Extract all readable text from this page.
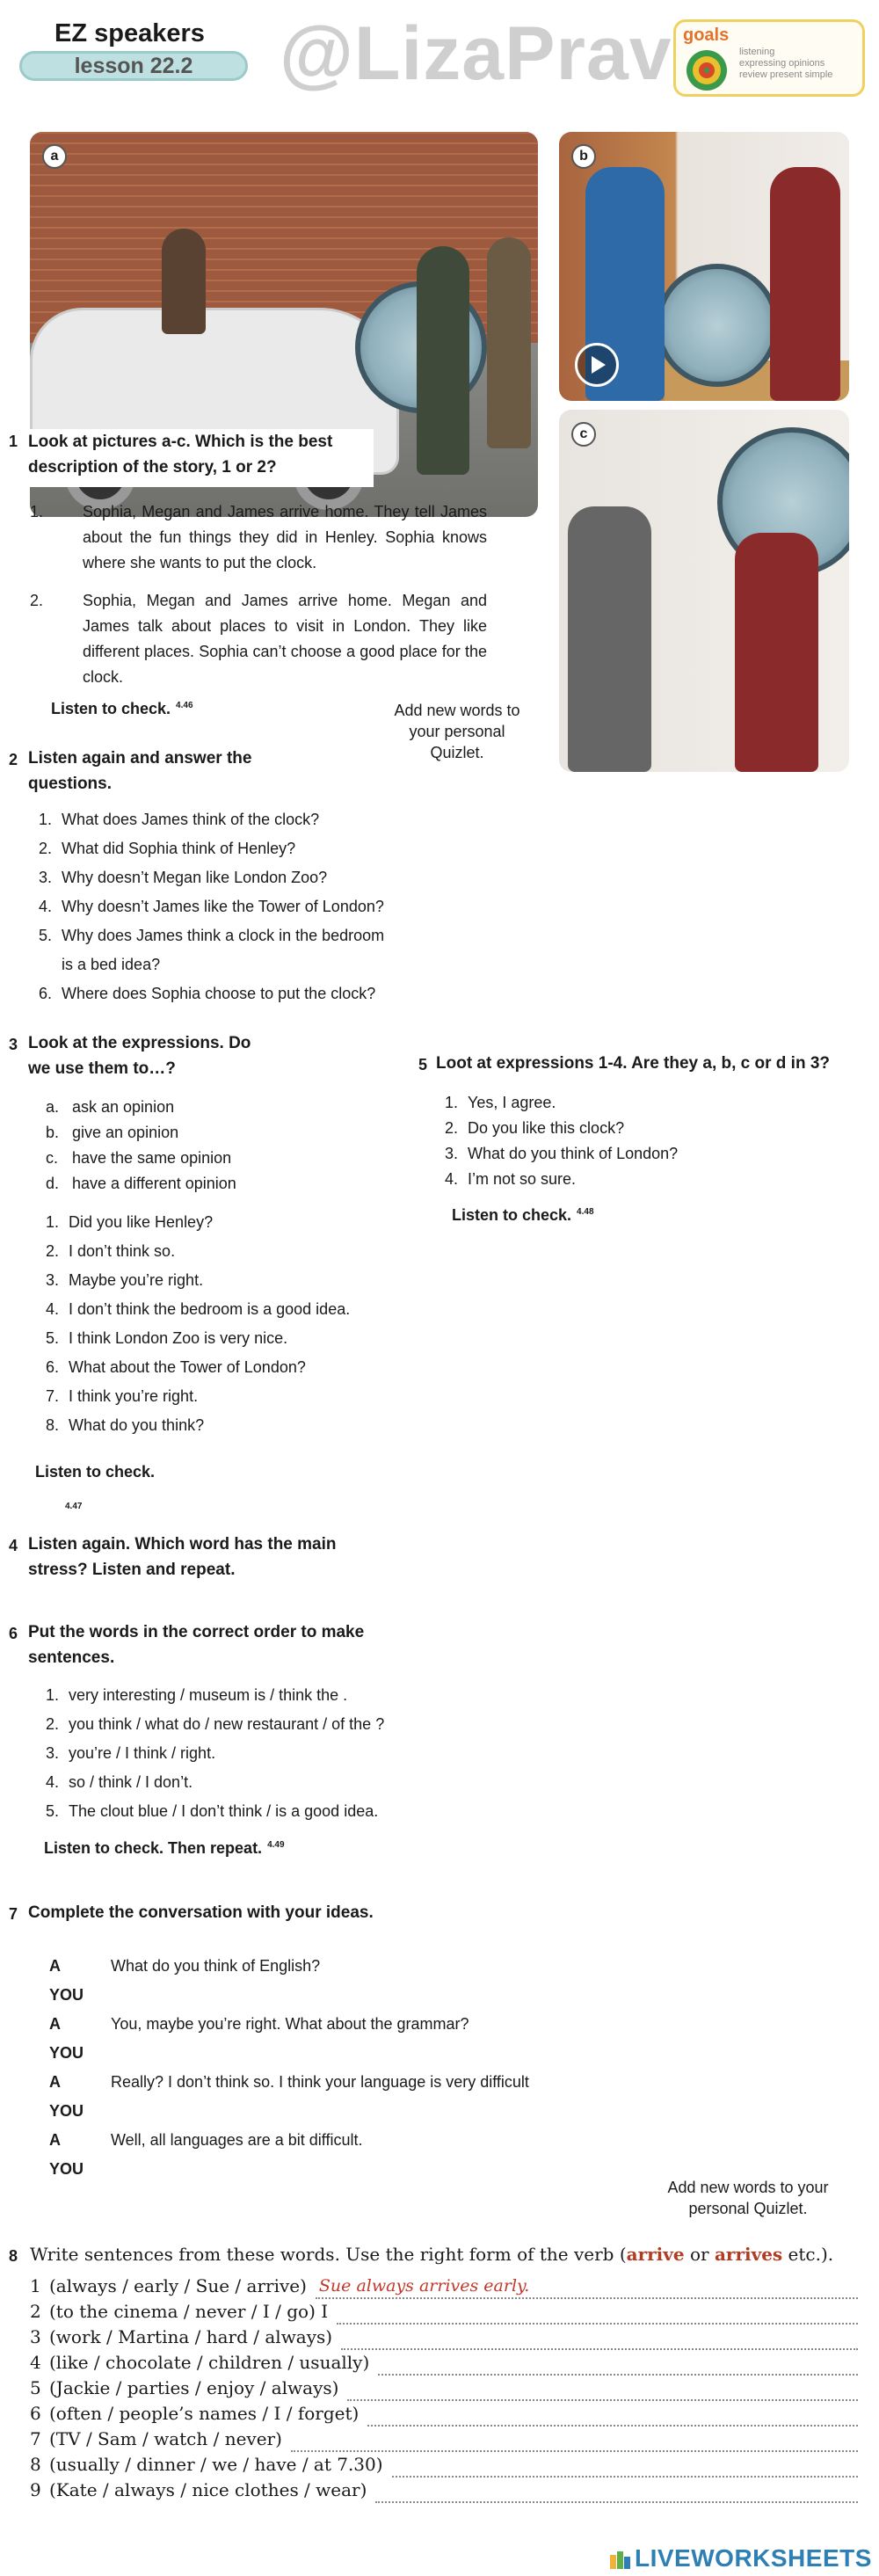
EZ speakers
lesson 22.2	@LizaPrav goals
listening
expressing opinions
review present simple
a	b
c
1 Look at pictures a-c. Which is the best description of the story, 1 or 2?
1.	Sophia, Megan and James arrive home. They tell James about the fun things they did in Henley. Sophia knows where she wants to put the clock.
2.	Sophia, Megan and James arrive home. Megan and James talk about places to visit in London. They like different places. Sophia can’t choose a good place for the clock.
Listen to check. $^{4.46}$	Add new words to your personal Quizlet.
2 Listen again and answer the questions.
1. What does James think of the clock?
2. What did Sophia think of Henley?
3. Why doesn’t Megan like London Zoo?
4. Why doesn’t James like the Tower of London?
5. Why does James think a clock in the bedroom
is a bed idea?
6. Where does Sophia choose to put the clock?
3 Look at the expressions. Do we use them to…?
a. ask an opinion
b. give an opinion
c. have the same opinion
d. have a different opinion
1. Did you like Henley?
2. I don’t think so.
3. Maybe you’re right.
4. I don’t think the bedroom is a good idea.
5. I think London Zoo is very nice.
6. What about the Tower of London?
7. I think you’re right.
8. What do you think?
Listen to check.
4.47
5 Loot at expressions 1-4. Are they a, b, c or d in 3?
1. Yes, I agree.
2. Do you like this clock?
3. What do you think of London?
4. I’m not so sure.
Listen to check. $^{4.48}$
4 Listen again. Which word has the main stress? Listen and repeat.
6 Put the words in the correct order to make sentences.
1. very interesting / museum is / think the .
2. you think / what do / new restaurant / of the ?
3. you’re / I think / right.
4. so / think / I don’t.
5. The clout blue / I don’t think / is a good idea.
Listen to check. Then repeat. $^{4.49}$
7 Complete the conversation with your ideas.
A	What do you think of English?
YOU
A	You, maybe you’re right. What about the grammar?
YOU
A	Really? I don’t think so. I think your language is very difficult
YOU
A	Well, all languages are a bit difficult.
YOU
Add new words to your personal Quizlet.
8 Write sentences from these words. Use the right form of the verb (arrive or arrives etc.).
1 (always / early / Sue / arrive) Sue always arrives early.
2 (to the cinema / never / I / go) I
3 (work / Martina / hard / always)
4 (like / chocolate / children / usually)
5 (Jackie / parties / enjoy / always)
6 (often / people’s names / I / forget)
7 (TV / Sam / watch / never)
8 (usually / dinner / we / have / at 7.30)
9 (Kate / always / nice clothes / wear)
LIVEWORKSHEETS
